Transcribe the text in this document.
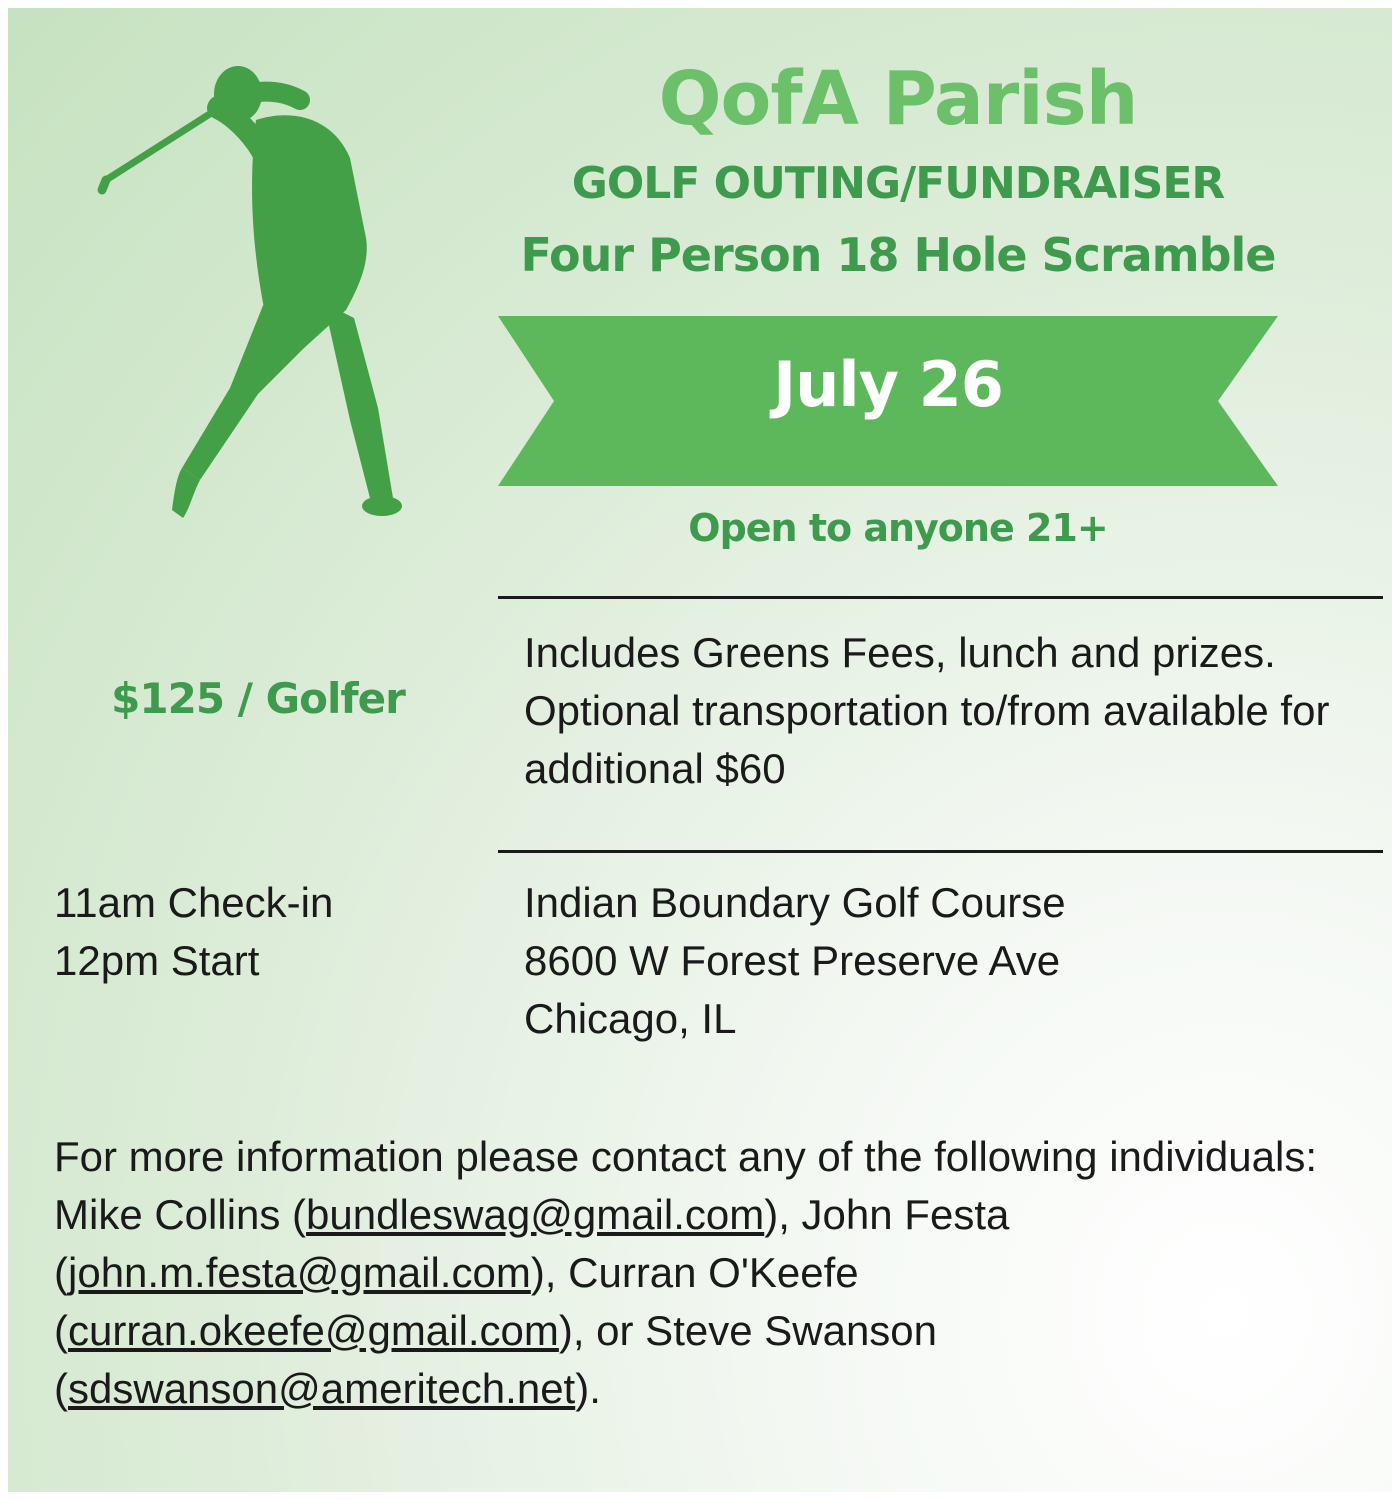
QofA Parish
GOLF OUTING/FUNDRAISER
Four Person 18 Hole Scramble
July 26
Open to anyone 21+
$125 / Golfer

Includes Greens Fees, lunch and prizes. Optional transportation to/from available for additional $60

11am Check-in
12pm Start
Indian Boundary Golf Course
8600 W Forest Preserve Ave
Chicago, IL

For more information please contact any of the following individuals: Mike Collins (bundleswag@gmail.com), John Festa (john.m.festa@gmail.com), Curran O'Keefe (curran.okeefe@gmail.com), or Steve Swanson (sdswanson@ameritech.net).
